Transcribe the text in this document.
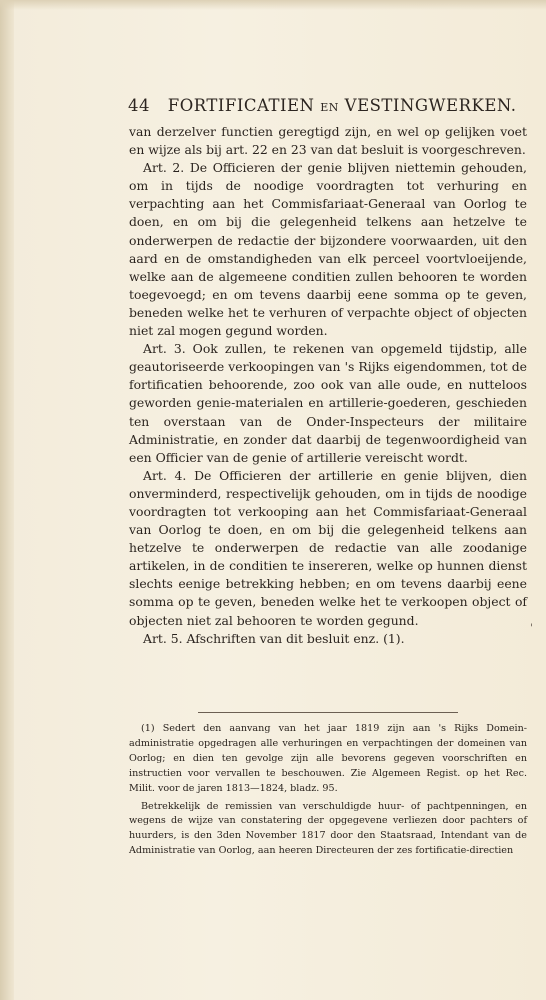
44 FORTIFICATIEN EN VESTINGWERKEN.

van derzelver functien geregtigd zijn, en wel op gelijken voet en wijze als bij art. 22 en 23 van dat besluit is voorgeschreven.

Art. 2. De Officieren der genie blijven niettemin gehouden, om in tijds de noodige voordragten tot verhuring en verpachting aan het Commisfariaat-Generaal van Oorlog te doen, en om bij die gelegenheid telkens aan hetzelve te onderwerpen de redactie der bijzondere voorwaarden, uit den aard en de omstandigheden van elk perceel voortvloeijende, welke aan de algemeene conditien zullen behooren te worden toegevoegd; en om tevens daarbij eene somma op te geven, beneden welke het te verhuren of verpachte object of objecten niet zal mogen gegund worden.

Art. 3. Ook zullen, te rekenen van opgemeld tijdstip, alle geautoriseerde verkoopingen van 's Rijks eigendommen, tot de fortificatien behoorende, zoo ook van alle oude, en nutteloos geworden genie-materialen en artillerie-goederen, geschieden ten overstaan van de Onder-Inspecteurs der militaire Administratie, en zonder dat daarbij de tegenwoordigheid van een Officier van de genie of artillerie vereischt wordt.

Art. 4. De Officieren der artillerie en genie blijven, dien onverminderd, respectivelijk gehouden, om in tijds de noodige voordragten tot verkooping aan het Commisfariaat-Generaal van Oorlog te doen, en om bij die gelegenheid telkens aan hetzelve te onderwerpen de redactie van alle zoodanige artikelen, in de conditien te insereren, welke op hunnen dienst slechts eenige betrekking hebben; en om tevens daarbij eene somma op te geven, beneden welke het te verkoopen object of objecten niet zal behooren te worden gegund.

Art. 5. Afschriften van dit besluit enz. (1).

'

(1) Sedert den aanvang van het jaar 1819 zijn aan 's Rijks Domein-administratie opgedragen alle verhuringen en verpachtingen der domeinen van Oorlog; en dien ten gevolge zijn alle bevorens gegeven voorschriften en instructien voor vervallen te beschouwen. Zie Algemeen Regist. op het Rec. Milit. voor de jaren 1813—1824, bladz. 95.

Betrekkelijk de remissien van verschuldigde huur- of pachtpenningen, en wegens de wijze van constatering der opgegevene verliezen door pachters of huurders, is den 3den November 1817 door den Staatsraad, Intendant van de Administratie van Oorlog, aan heeren Directeuren der zes fortificatie-directien
